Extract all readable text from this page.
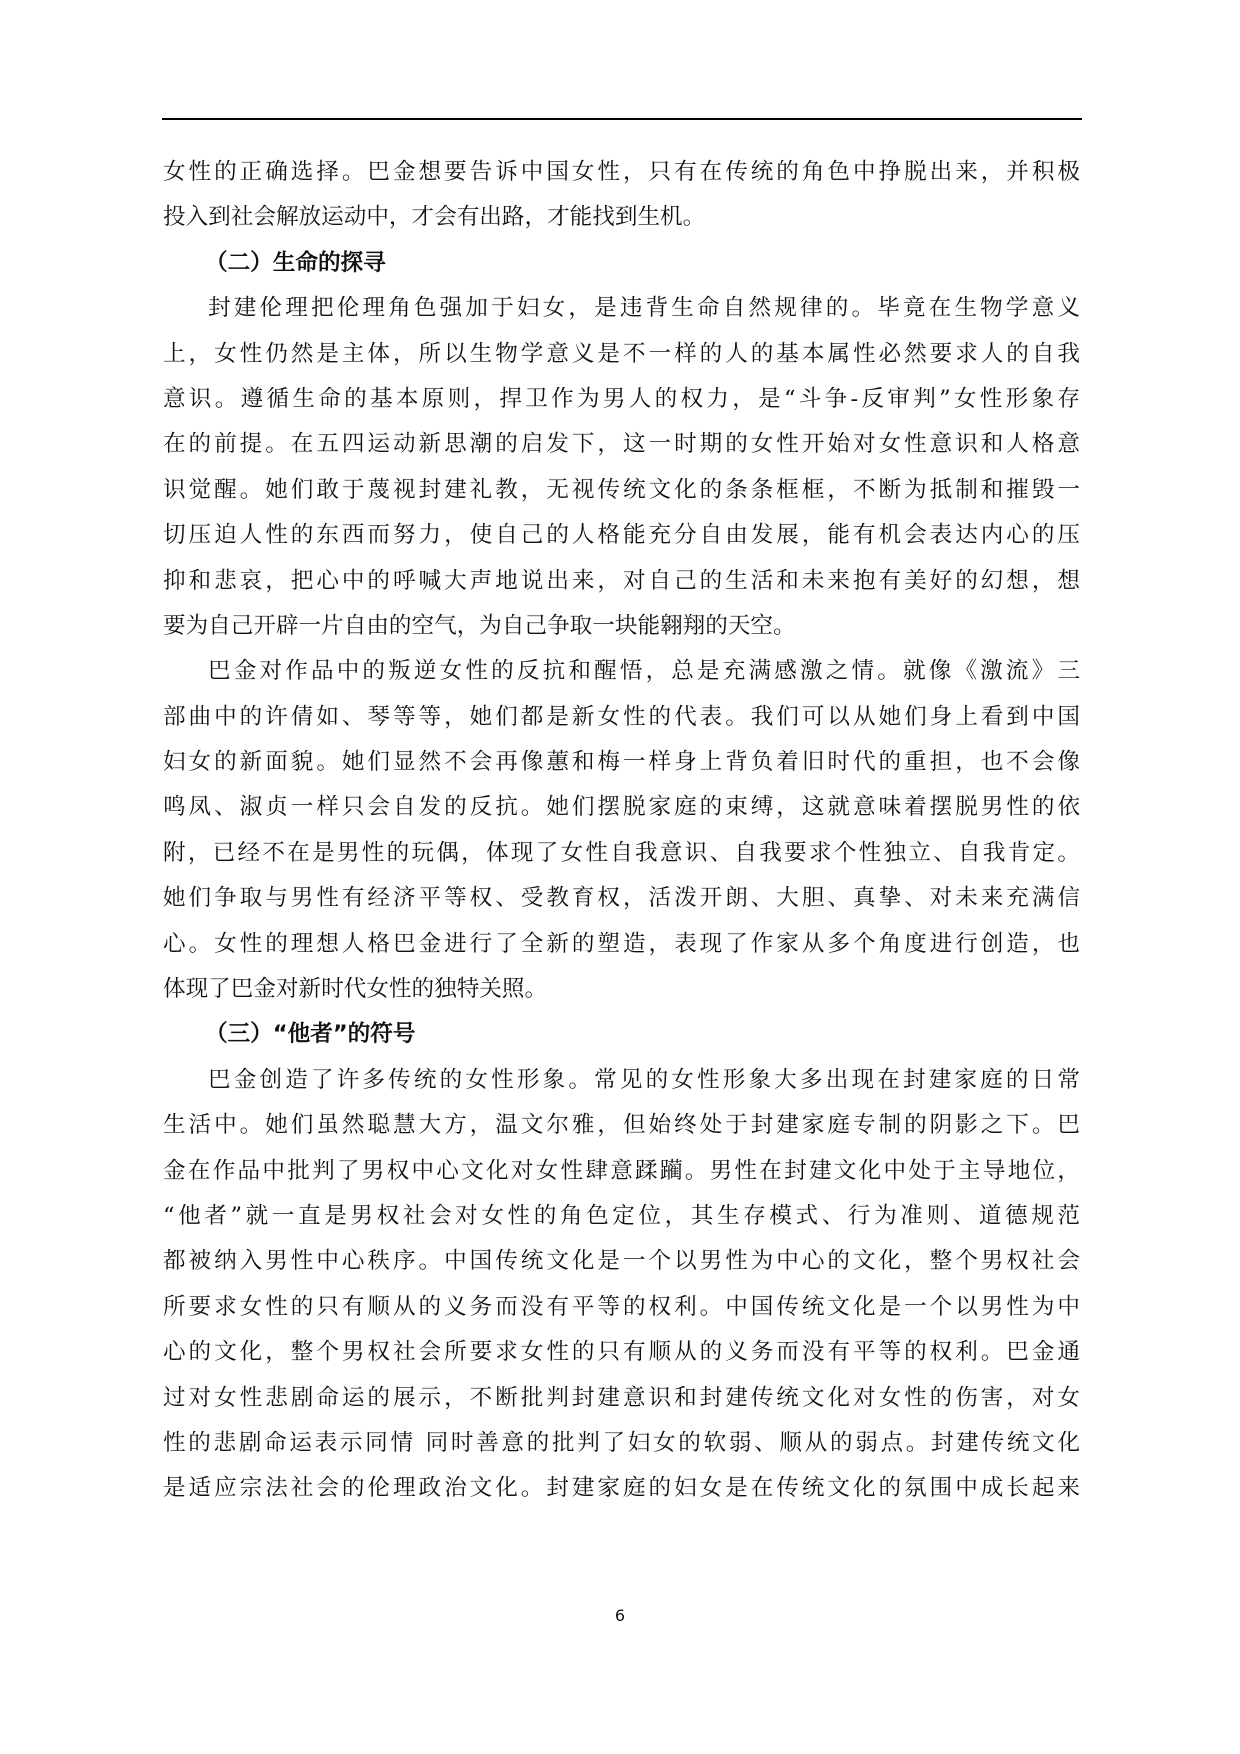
女性的正确选择。巴金想要告诉中国女性，只有在传统的角色中挣脱出来，并积极
投入到社会解放运动中，才会有出路，才能找到生机。
（二）生命的探寻
封建伦理把伦理角色强加于妇女，是违背生命自然规律的。毕竟在生物学意义
上，女性仍然是主体，所以生物学意义是不一样的人的基本属性必然要求人的自我
意识。遵循生命的基本原则，捍卫作为男人的权力，是“斗争-反审判”女性形象存
在的前提。在五四运动新思潮的启发下，这一时期的女性开始对女性意识和人格意
识觉醒。她们敢于蔑视封建礼教，无视传统文化的条条框框，不断为抵制和摧毁一
切压迫人性的东西而努力，使自己的人格能充分自由发展，能有机会表达内心的压
抑和悲哀，把心中的呼喊大声地说出来，对自己的生活和未来抱有美好的幻想，想
要为自己开辟一片自由的空气，为自己争取一块能翱翔的天空。
巴金对作品中的叛逆女性的反抗和醒悟，总是充满感激之情。就像《激流》三
部曲中的许倩如、琴等等，她们都是新女性的代表。我们可以从她们身上看到中国
妇女的新面貌。她们显然不会再像蕙和梅一样身上背负着旧时代的重担，也不会像
鸣凤、淑贞一样只会自发的反抗。她们摆脱家庭的束缚，这就意味着摆脱男性的依
附，已经不在是男性的玩偶，体现了女性自我意识、自我要求个性独立、自我肯定。
她们争取与男性有经济平等权、受教育权，活泼开朗、大胆、真挚、对未来充满信
心。女性的理想人格巴金进行了全新的塑造，表现了作家从多个角度进行创造，也
体现了巴金对新时代女性的独特关照。
（三）“他者”的符号
巴金创造了许多传统的女性形象。常见的女性形象大多出现在封建家庭的日常
生活中。她们虽然聪慧大方，温文尔雅，但始终处于封建家庭专制的阴影之下。巴
金在作品中批判了男权中心文化对女性肆意蹂躏。男性在封建文化中处于主导地位，
“他者”就一直是男权社会对女性的角色定位，其生存模式、行为准则、道德规范
都被纳入男性中心秩序。中国传统文化是一个以男性为中心的文化，整个男权社会
所要求女性的只有顺从的义务而没有平等的权利。中国传统文化是一个以男性为中
心的文化，整个男权社会所要求女性的只有顺从的义务而没有平等的权利。巴金通
过对女性悲剧命运的展示，不断批判封建意识和封建传统文化对女性的伤害，对女
性的悲剧命运表示同情 同时善意的批判了妇女的软弱、顺从的弱点。封建传统文化
是适应宗法社会的伦理政治文化。封建家庭的妇女是在传统文化的氛围中成长起来
6
